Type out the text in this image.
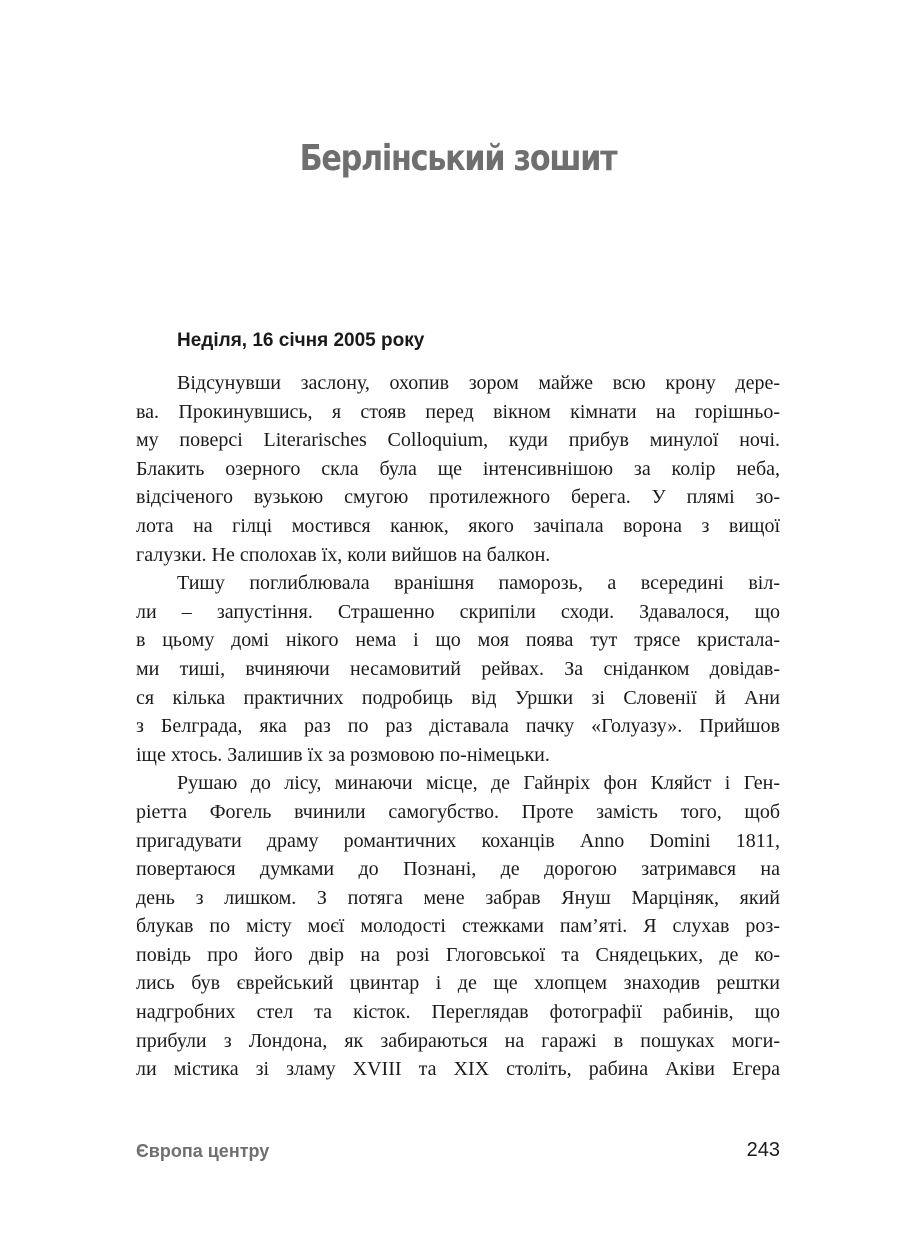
Берлінський зошит
Неділя, 16 січня 2005 року

Відсунувши заслону, охопив зором майже всю крону дере-
ва. Прокинувшись, я стояв перед вікном кімнати на горішньо-
му поверсі Literarisches Colloquium, куди прибув минулої ночі.
Блакить озерного скла була ще інтенсивнішою за колір неба,
відсіченого вузькою смугою протилежного берега. У плямі зо-
лота на гілці мостився канюк, якого зачіпала ворона з вищої
галузки. Не сполохав їх, коли вийшов на балкон.

Тишу поглиблювала вранішня паморозь, а всередині віл-
ли – запустіння. Страшенно скрипіли сходи. Здавалося, що
в цьому домі нікого нема і що моя поява тут трясе кристала-
ми тиші, вчиняючи несамовитий рейвах. За сніданком довідав-
ся кілька практичних подробиць від Уршки зі Словенії й Ани
з Белграда, яка раз по раз діставала пачку «Голуазу». Прийшов
іще хтось. Залишив їх за розмовою по-німецьки.

Рушаю до лісу, минаючи місце, де Гайнріх фон Кляйст і Ген-
ріетта Фогель вчинили самогубство. Проте замість того, щоб
пригадувати драму романтичних коханців Anno Domini 1811,
повертаюся думками до Познані, де дорогою затримався на
день з лишком. З потяга мене забрав Януш Марціняк, який
блукав по місту моєї молодості стежками пам’яті. Я слухав роз-
повідь про його двір на розі Глоговської та Снядецьких, де ко-
лись був єврейський цвинтар і де ще хлопцем знаходив рештки
надгробних стел та кісток. Переглядав фотографії рабинів, що
прибули з Лондона, як забираються на гаражі в пошуках моги-
ли містика зі зламу XVIII та XIX століть, рабина Аківи Егера

Європа центру	243
